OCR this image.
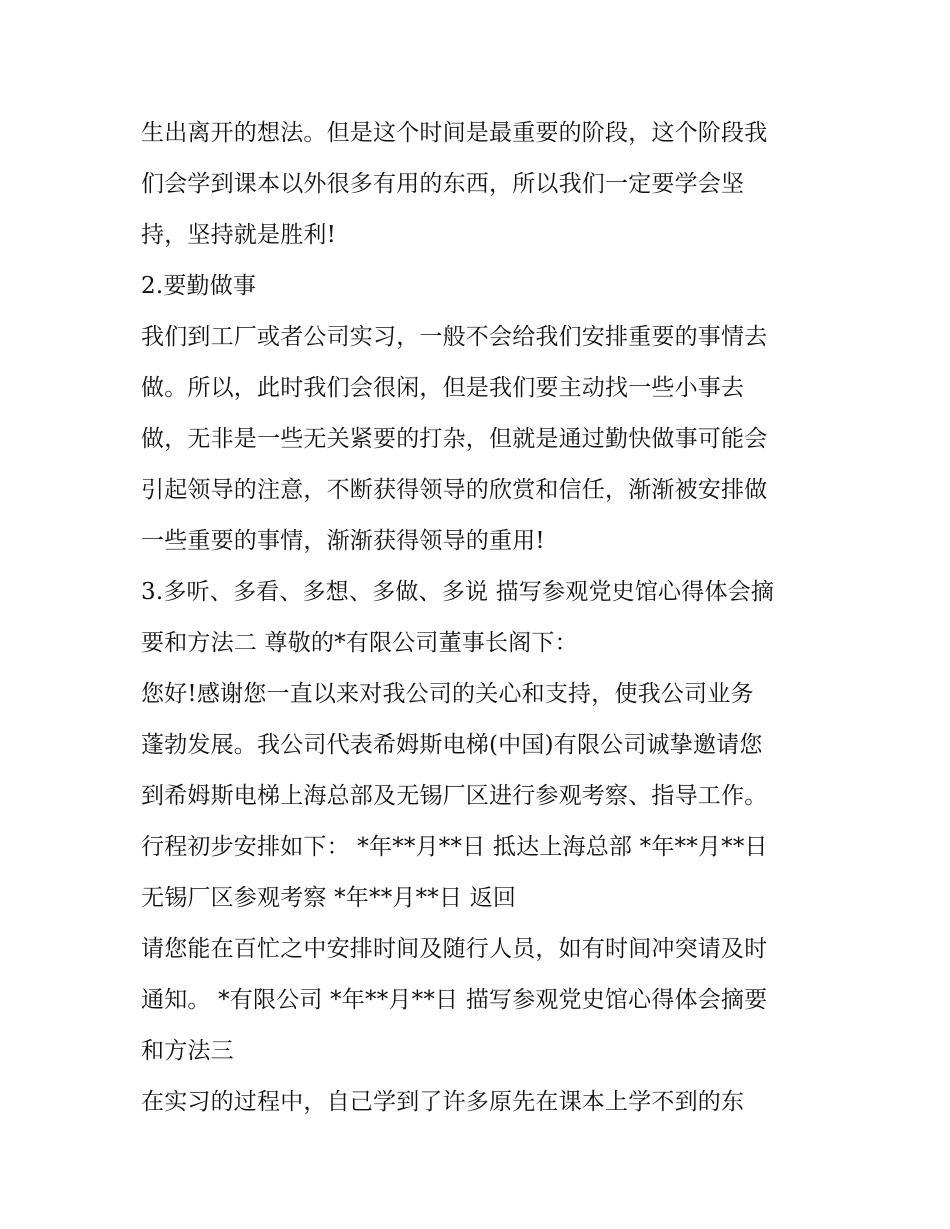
生出离开的想法。但是这个时间是最重要的阶段，这个阶段我
们会学到课本以外很多有用的东西，所以我们一定要学会坚
持，坚持就是胜利!
2.要勤做事
我们到工厂或者公司实习，一般不会给我们安排重要的事情去
做。所以，此时我们会很闲，但是我们要主动找一些小事去
做，无非是一些无关紧要的打杂，但就是通过勤快做事可能会
引起领导的注意，不断获得领导的欣赏和信任，渐渐被安排做
一些重要的事情，渐渐获得领导的重用!
3.多听、多看、多想、多做、多说 描写参观党史馆心得体会摘
要和方法二 尊敬的*有限公司董事长阁下：
您好!感谢您一直以来对我公司的关心和支持，使我公司业务
蓬勃发展。我公司代表希姆斯电梯(中国)有限公司诚挚邀请您
到希姆斯电梯上海总部及无锡厂区进行参观考察、指导工作。
行程初步安排如下： *年**月**日 抵达上海总部 *年**月**日
无锡厂区参观考察 *年**月**日 返回
请您能在百忙之中安排时间及随行人员，如有时间冲突请及时
通知。 *有限公司 *年**月**日 描写参观党史馆心得体会摘要
和方法三
在实习的过程中，自己学到了许多原先在课本上学不到的东
